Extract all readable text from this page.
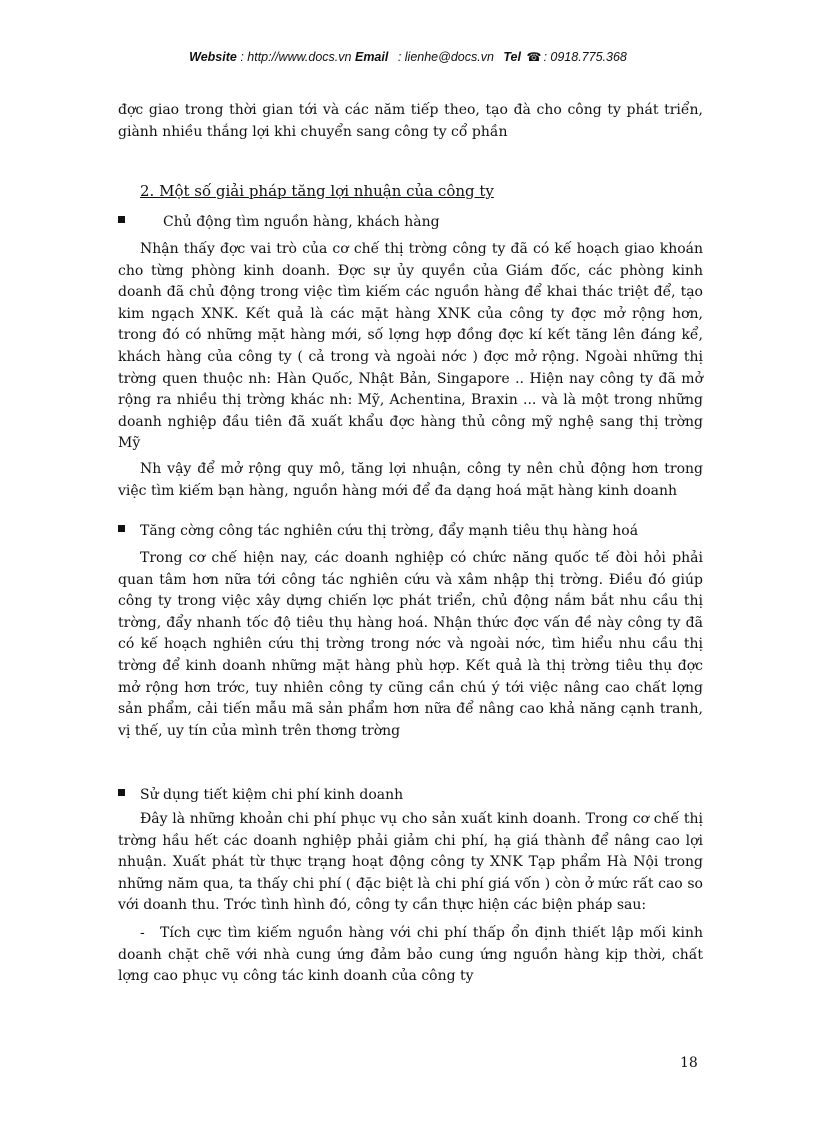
Website : http://www.docs.vn Email : lienhe@docs.vn Tel ☎ : 0918.775.368

đợc giao trong thời gian tới và các năm tiếp theo, tạo đà cho công ty phát triển, giành nhiều thắng lợi khi chuyển sang công ty cổ phần

2. Một số giải pháp tăng lợi nhuận của công ty
Chủ động tìm nguồn hàng, khách hàng

Nhận thấy đợc vai trò của cơ chế thị trờng công ty đã có kế hoạch giao khoán cho từng phòng kinh doanh. Đợc sự ủy quyền của Giám đốc, các phòng kinh doanh đã chủ động trong việc tìm kiếm các nguồn hàng để khai thác triệt để, tạo kim ngạch XNK. Kết quả là các mặt hàng XNK của công ty đợc mở rộng hơn, trong đó có những mặt hàng mới, số lợng hợp đồng đợc kí kết tăng lên đáng kể, khách hàng của công ty ( cả trong và ngoài nớc ) đợc mở rộng. Ngoài những thị trờng quen thuộc nh: Hàn Quốc, Nhật Bản, Singapore .. Hiện nay công ty đã mở rộng ra nhiều thị trờng khác nh: Mỹ, Achentina, Braxin ... và là một trong những doanh nghiệp đầu tiên đã xuất khẩu đợc hàng thủ công mỹ nghệ sang thị trờng Mỹ

Nh vậy để mở rộng quy mô, tăng lợi nhuận, công ty nên chủ động hơn trong việc tìm kiếm bạn hàng, nguồn hàng mới để đa dạng hoá mặt hàng kinh doanh

Tăng cờng công tác nghiên cứu thị trờng, đẩy mạnh tiêu thụ hàng hoá

Trong cơ chế hiện nay, các doanh nghiệp có chức năng quốc tế đòi hỏi phải quan tâm hơn nữa tới công tác nghiên cứu và xâm nhập thị trờng. Điều đó giúp công ty trong việc xây dựng chiến lợc phát triển, chủ động nắm bắt nhu cầu thị trờng, đẩy nhanh tốc độ tiêu thụ hàng hoá. Nhận thức đợc vấn đề này công ty đã có kế hoạch nghiên cứu thị trờng trong nớc và ngoài nớc, tìm hiểu nhu cầu thị trờng để kinh doanh những mặt hàng phù hợp. Kết quả là thị trờng tiêu thụ đợc mở rộng hơn trớc, tuy nhiên công ty cũng cần chú ý tới việc nâng cao chất lợng sản phẩm, cải tiến mẫu mã sản phẩm hơn nữa để nâng cao khả năng cạnh tranh, vị thế, uy tín của mình trên thơng trờng

Sử dụng tiết kiệm chi phí kinh doanh

Đây là những khoản chi phí phục vụ cho sản xuất kinh doanh. Trong cơ chế thị trờng hầu hết các doanh nghiệp phải giảm chi phí, hạ giá thành để nâng cao lợi nhuận. Xuất phát từ thực trạng hoạt động công ty XNK Tạp phẩm Hà Nội trong những năm qua, ta thấy chi phí ( đặc biệt là chi phí giá vốn ) còn ở mức rất cao so với doanh thu. Trớc tình hình đó, công ty cần thực hiện các biện pháp sau:

- Tích cực tìm kiếm nguồn hàng với chi phí thấp ổn định thiết lập mối kinh doanh chặt chẽ với nhà cung ứng đảm bảo cung ứng nguồn hàng kịp thời, chất lợng cao phục vụ công tác kinh doanh của công ty

18
